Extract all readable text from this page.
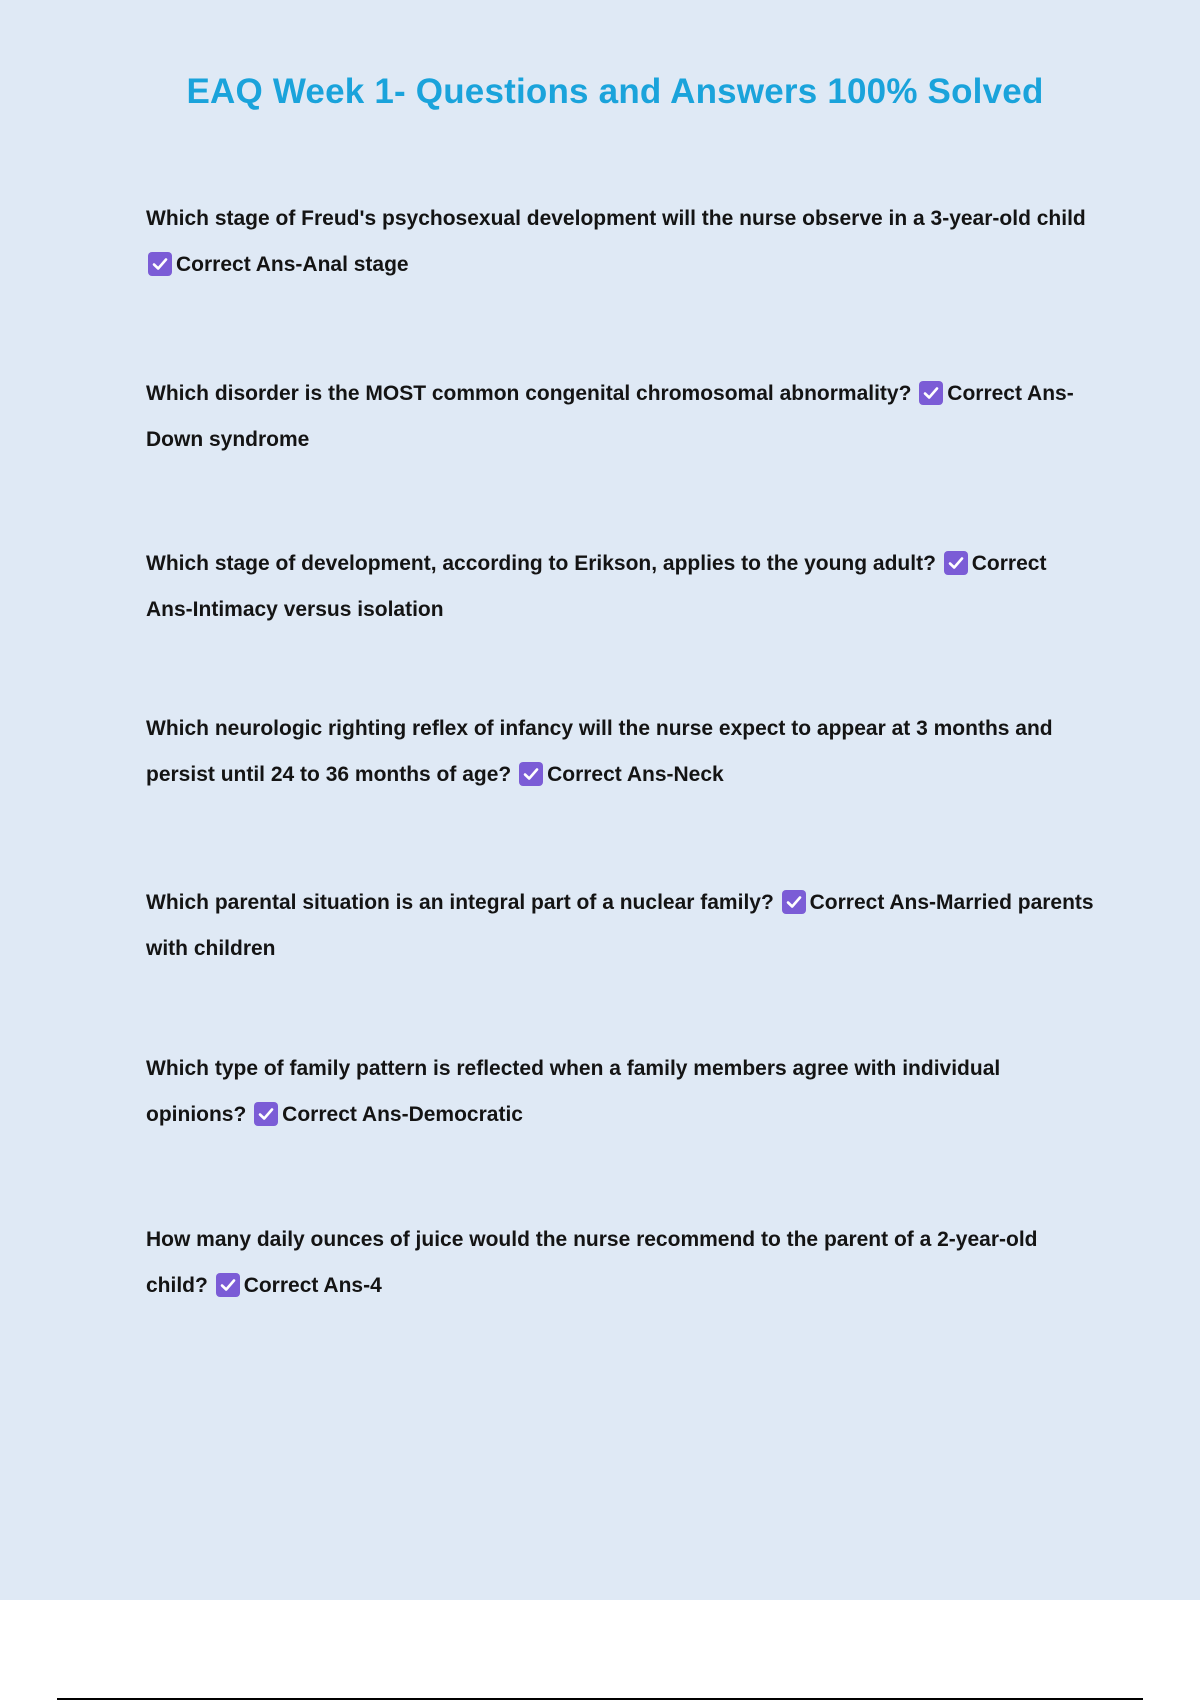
EAQ Week 1- Questions and Answers 100% Solved

Which stage of Freud's psychosexual development will the nurse observe in a 3-year-old child
Correct Ans-Anal stage

Which disorder is the MOST common congenital chromosomal abnormality? Correct Ans-Down syndrome

Which stage of development, according to Erikson, applies to the young adult? Correct Ans-Intimacy versus isolation

Which neurologic righting reflex of infancy will the nurse expect to appear at 3 months and persist until 24 to 36 months of age? Correct Ans-Neck

Which parental situation is an integral part of a nuclear family? Correct Ans-Married parents with children

Which type of family pattern is reflected when a family members agree with individual opinions? Correct Ans-Democratic

How many daily ounces of juice would the nurse recommend to the parent of a 2-year-old child? Correct Ans-4
